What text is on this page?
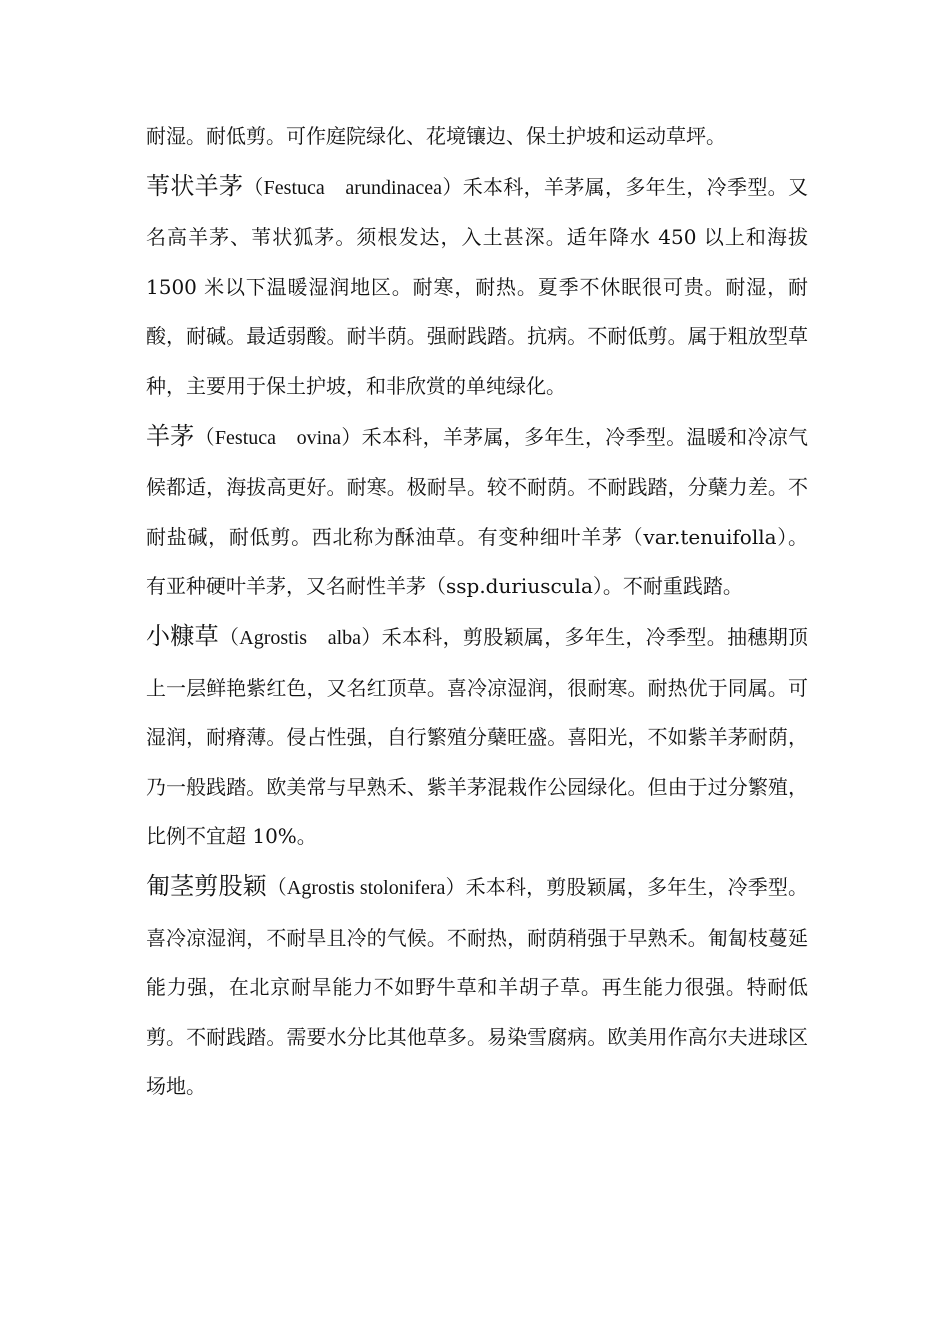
耐湿。耐低剪。可作庭院绿化、花境镶边、保土护坡和运动草坪。

苇状羊茅（Festuca　arundinacea）禾本科，羊茅属，多年生，冷季型。又名高羊茅、苇状狐茅。须根发达，入土甚深。适年降水 450 以上和海拔 1500 米以下温暖湿润地区。耐寒，耐热。夏季不休眠很可贵。耐湿，耐酸，耐碱。最适弱酸。耐半荫。强耐践踏。抗病。不耐低剪。属于粗放型草种，主要用于保土护坡，和非欣赏的单纯绿化。

羊茅（Festuca　ovina）禾本科，羊茅属，多年生，冷季型。温暖和冷凉气候都适，海拔高更好。耐寒。极耐旱。较不耐荫。不耐践踏，分蘖力差。不耐盐碱，耐低剪。西北称为酥油草。有变种细叶羊茅（var.tenuifolla）。有亚种硬叶羊茅，又名耐性羊茅（ssp.duriuscula）。不耐重践踏。

小糠草（Agrostis　alba）禾本科，剪股颖属，多年生，冷季型。抽穗期顶上一层鲜艳紫红色，又名红顶草。喜冷凉湿润，很耐寒。耐热优于同属。可湿润，耐瘠薄。侵占性强，自行繁殖分蘖旺盛。喜阳光，不如紫羊茅耐荫，乃一般践踏。欧美常与早熟禾、紫羊茅混栽作公园绿化。但由于过分繁殖，比例不宜超 10%。

匍茎剪股颖（Agrostis stolonifera）禾本科，剪股颖属，多年生，冷季型。喜冷凉湿润，不耐旱且冷的气候。不耐热，耐荫稍强于早熟禾。匍匐枝蔓延能力强，在北京耐旱能力不如野牛草和羊胡子草。再生能力很强。特耐低剪。不耐践踏。需要水分比其他草多。易染雪腐病。欧美用作高尔夫进球区场地。
